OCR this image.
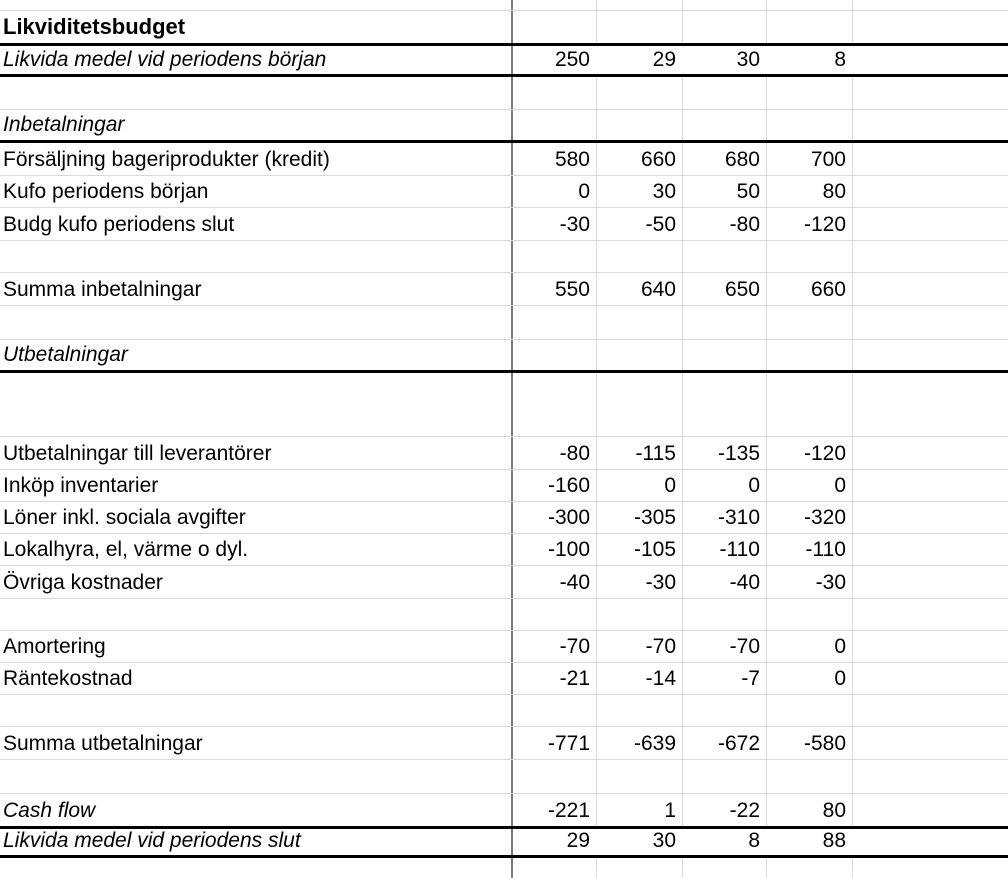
Likviditetsbudget
Likvida medel vid periodens början	250	29	30	8
Inbetalningar
Försäljning bageriprodukter (kredit)	580	660	680	700
Kufo periodens början	0	30	50	80
Budg kufo periodens slut	-30	-50	-80	-120
Summa inbetalningar	550	640	650	660
Utbetalningar
Utbetalningar till leverantörer	-80	-115	-135	-120
Inköp inventarier	-160	0	0	0
Löner inkl. sociala avgifter	-300	-305	-310	-320
Lokalhyra, el, värme o dyl.	-100	-105	-110	-110
Övriga kostnader	-40	-30	-40	-30
Amortering	-70	-70	-70	0
Räntekostnad	-21	-14	-7	0
Summa utbetalningar	-771	-639	-672	-580
Cash flow	-221	1	-22	80
Likvida medel vid periodens slut	29	30	8	88
